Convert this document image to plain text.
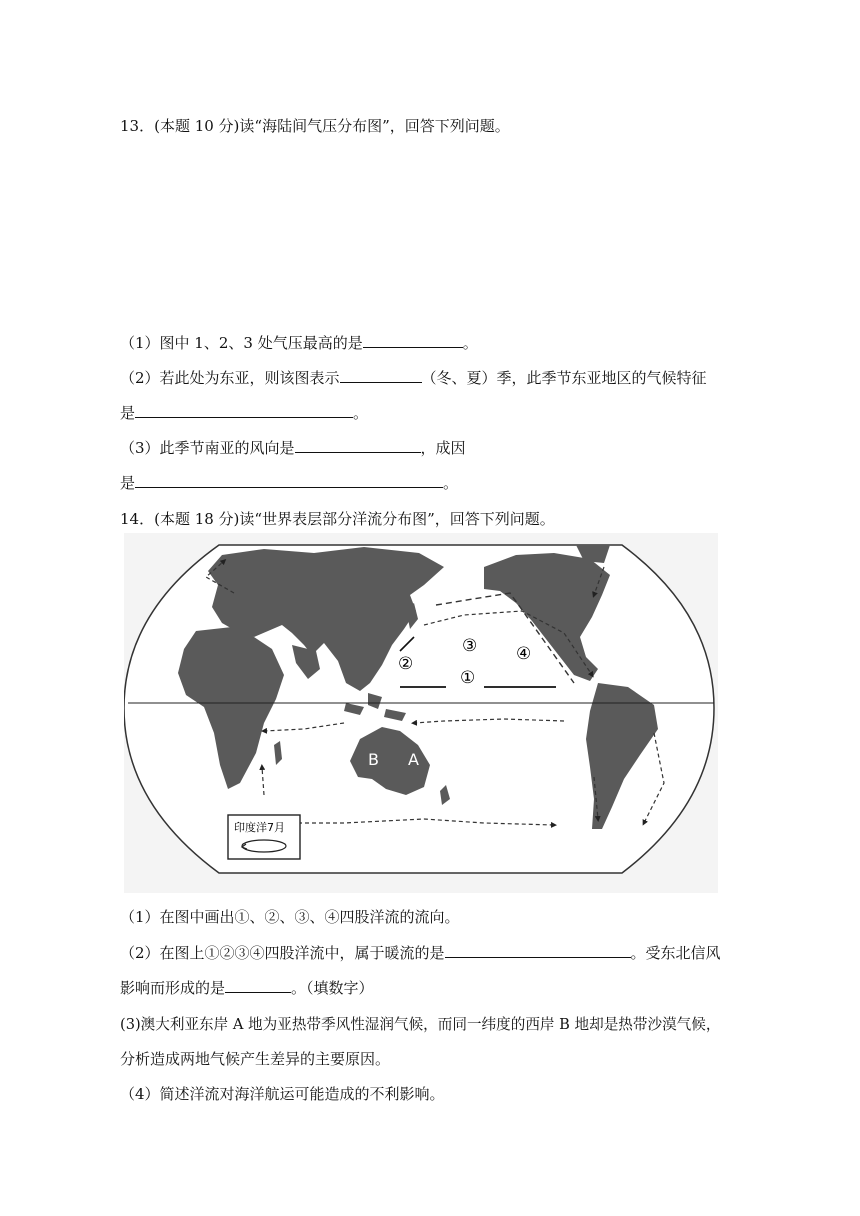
13．(本题 10 分)读“海陆间气压分布图”，回答下列问题。
（1）图中 1、2、3 处气压最高的是	。
（2）若此处为东亚，则该图表示	（冬、夏）季，此季节东亚地区的气候特征
是	。
（3）此季节南亚的风向是	，成因
是	。
14．(本题 18 分)读“世界表层部分洋流分布图”，回答下列问题。
①
②
③ ④
B A
印度洋7月
（1）在图中画出①、②、③、④四股洋流的流向。
（2）在图上①②③④四股洋流中，属于暖流的是	。受东北信风
影响而形成的是	。（填数字）
(3)澳大利亚东岸 A 地为亚热带季风性湿润气候，而同一纬度的西岸 B 地却是热带沙漠气候，
分析造成两地气候产生差异的主要原因。
（4）简述洋流对海洋航运可能造成的不利影响。
